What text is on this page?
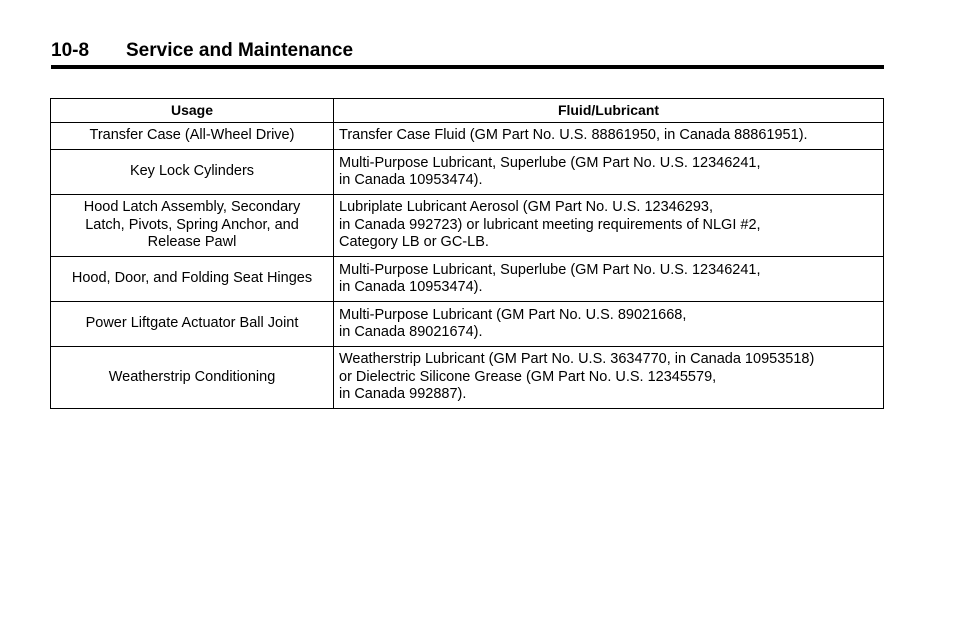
10-8 Service and Maintenance
Usage	Fluid/Lubricant

Transfer Case (All-Wheel Drive)	Transfer Case Fluid (GM Part No. U.S. 88861950, in Canada 88861951).

Key Lock Cylinders	Multi-Purpose Lubricant, Superlube (GM Part No. U.S. 12346241,
in Canada 10953474).

Hood Latch Assembly, Secondary
Latch, Pivots, Spring Anchor, and
Release Pawl	Lubriplate Lubricant Aerosol (GM Part No. U.S. 12346293,
in Canada 992723) or lubricant meeting requirements of NLGI #2,
Category LB or GC-LB.

Hood, Door, and Folding Seat Hinges	Multi-Purpose Lubricant, Superlube (GM Part No. U.S. 12346241,
in Canada 10953474).

Power Liftgate Actuator Ball Joint	Multi-Purpose Lubricant (GM Part No. U.S. 89021668,
in Canada 89021674).

Weatherstrip Conditioning	Weatherstrip Lubricant (GM Part No. U.S. 3634770, in Canada 10953518)
or Dielectric Silicone Grease (GM Part No. U.S. 12345579,
in Canada 992887).
